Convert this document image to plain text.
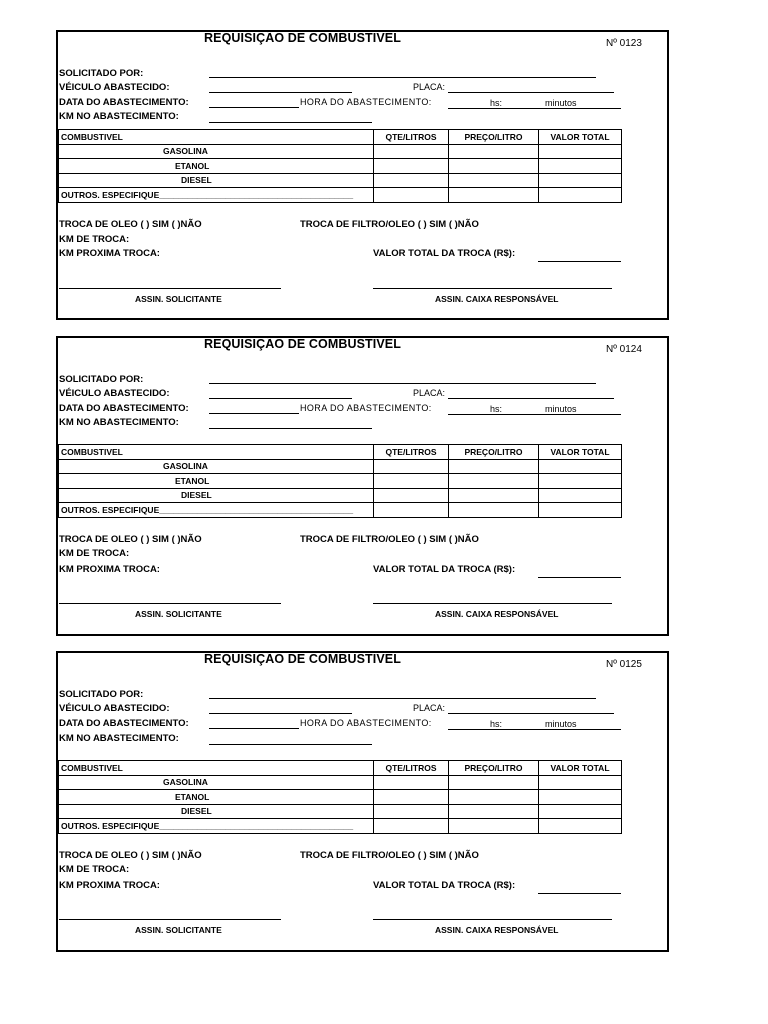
REQUISIÇÃO DE COMBUSTIVEL	Nº 0123
SOLICITADO POR:
VÉICULO ABASTECIDO:	PLACA:
DATA DO ABASTECIMENTO:	HORA DO ABASTECIMENTO:	hs:	minutos
KM NO ABASTECIMENTO:
COMBUSTIVEL	QTE/LITROS	PREÇO/LITRO	VALOR TOTAL
GASOLINA			
ETANOL			
DIESEL			
OUTROS. ESPECIFIQUE_________________________________________			
TROCA DE OLEO ( ) SIM ( )NÃO	TROCA DE FILTRO/OLEO ( ) SIM ( )NÃO
KM DE TROCA:
KM PROXIMA TROCA:	VALOR TOTAL DA TROCA (R$):
ASSIN. SOLICITANTE	ASSIN. CAIXA RESPONSÁVEL
REQUISIÇÃO DE COMBUSTIVEL	Nº 0124
SOLICITADO POR:
VÉICULO ABASTECIDO:	PLACA:
DATA DO ABASTECIMENTO:	HORA DO ABASTECIMENTO:	hs:	minutos
KM NO ABASTECIMENTO:
COMBUSTIVEL	QTE/LITROS	PREÇO/LITRO	VALOR TOTAL
GASOLINA			
ETANOL			
DIESEL			
OUTROS. ESPECIFIQUE_________________________________________			
TROCA DE OLEO ( ) SIM ( )NÃO	TROCA DE FILTRO/OLEO ( ) SIM ( )NÃO
KM DE TROCA:
KM PROXIMA TROCA:	VALOR TOTAL DA TROCA (R$):
ASSIN. SOLICITANTE	ASSIN. CAIXA RESPONSÁVEL
REQUISIÇÃO DE COMBUSTIVEL	Nº 0125
SOLICITADO POR:
VÉICULO ABASTECIDO:	PLACA:
DATA DO ABASTECIMENTO:	HORA DO ABASTECIMENTO:	hs:	minutos
KM NO ABASTECIMENTO:
COMBUSTIVEL	QTE/LITROS	PREÇO/LITRO	VALOR TOTAL
GASOLINA			
ETANOL			
DIESEL			
OUTROS. ESPECIFIQUE_________________________________________			
TROCA DE OLEO ( ) SIM ( )NÃO	TROCA DE FILTRO/OLEO ( ) SIM ( )NÃO
KM DE TROCA:
KM PROXIMA TROCA:	VALOR TOTAL DA TROCA (R$):
ASSIN. SOLICITANTE	ASSIN. CAIXA RESPONSÁVEL
